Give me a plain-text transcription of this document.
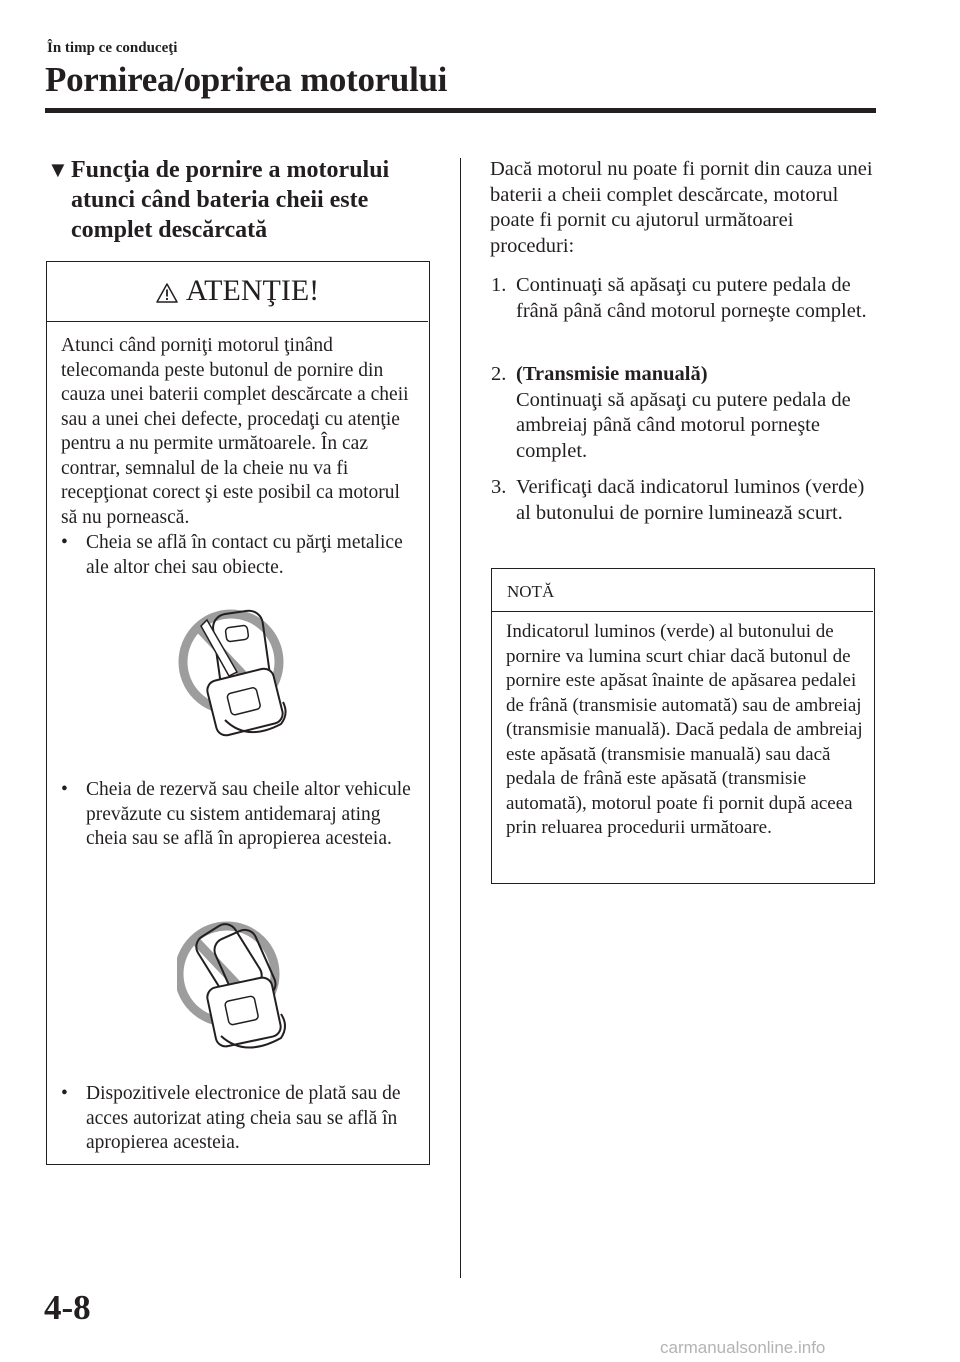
În timp ce conduceţi
Pornirea/oprirea motorului
▼ Funcţia de pornire a motorului atunci când bateria cheii este complet descărcată
ATENŢIE!
Atunci când porniţi motorul ţinând telecomanda peste butonul de pornire din cauza unei baterii complet descărcate a cheii sau a unei chei defecte, procedaţi cu atenţie pentru a nu permite următoarele. În caz contrar, semnalul de la cheie nu va fi recepţionat corect şi este posibil ca motorul să nu pornească.
• Cheia se află în contact cu părţi metalice ale altor chei sau obiecte.
• Cheia de rezervă sau cheile altor vehicule prevăzute cu sistem antidemaraj ating cheia sau se află în apropierea acesteia.
• Dispozitivele electronice de plată sau de acces autorizat ating cheia sau se află în apropierea acesteia.
Dacă motorul nu poate fi pornit din cauza unei baterii a cheii complet descărcate, motorul poate fi pornit cu ajutorul următoarei proceduri:
1. Continuaţi să apăsaţi cu putere pedala de frână până când motorul porneşte complet.
2. (Transmisie manuală)
Continuaţi să apăsaţi cu putere pedala de ambreiaj până când motorul porneşte complet.
3. Verificaţi dacă indicatorul luminos (verde) al butonului de pornire luminează scurt.
NOTĂ
Indicatorul luminos (verde) al butonului de pornire va lumina scurt chiar dacă butonul de pornire este apăsat înainte de apăsarea pedalei de frână (transmisie automată) sau de ambreiaj (transmisie manuală). Dacă pedala de ambreiaj este apăsată (transmisie manuală) sau dacă pedala de frână este apăsată (transmisie automată), motorul poate fi pornit după aceea prin reluarea procedurii următoare.
4-8
carmanualsonline.info
